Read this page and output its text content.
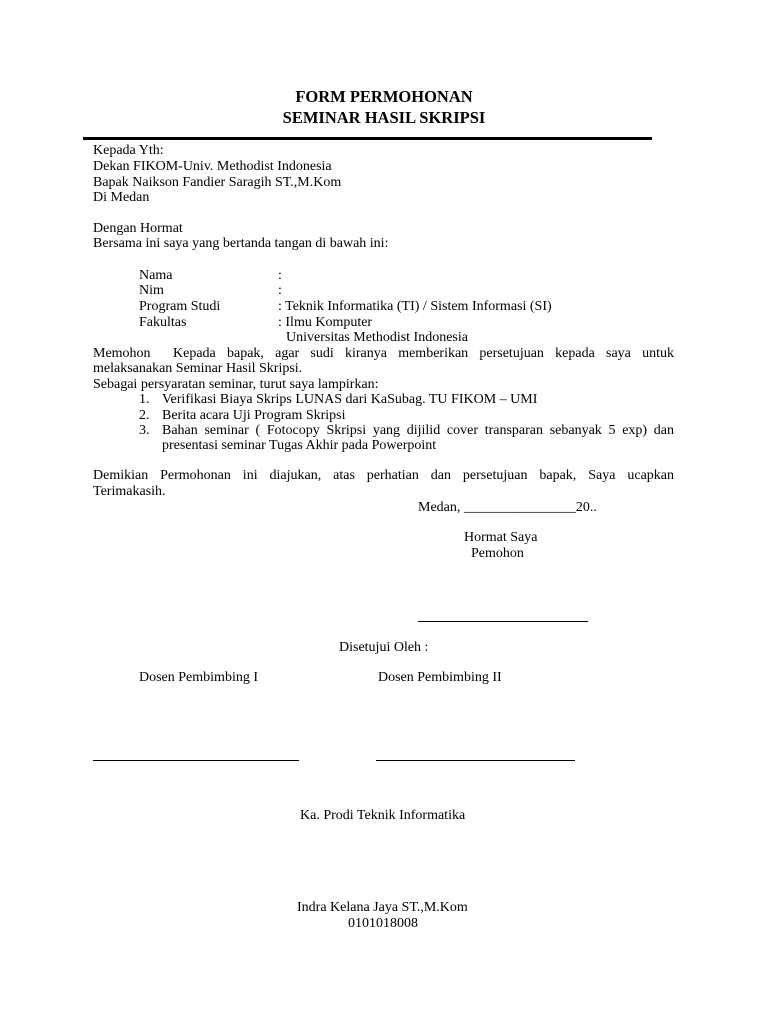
FORM PERMOHONAN
SEMINAR HASIL SKRIPSI
Kepada Yth:
Dekan FIKOM-Univ. Methodist Indonesia
Bapak Naikson Fandier Saragih ST.,M.Kom
Di Medan
Dengan Hormat
Bersama ini saya yang bertanda tangan di bawah ini:
Nama	:
Nim	:
Program Studi	: Teknik Informatika (TI) / Sistem Informasi (SI)
Fakultas	: Ilmu Komputer
Universitas Methodist Indonesia
Memohon Kepada bapak, agar sudi kiranya memberikan persetujuan kepada saya untuk
melaksanakan Seminar Hasil Skripsi.
Sebagai persyaratan seminar, turut saya lampirkan:
1. Verifikasi Biaya Skrips LUNAS dari KaSubag. TU FIKOM – UMI
2. Berita acara Uji Program Skripsi
3. Bahan seminar ( Fotocopy Skripsi yang dijilid cover transparan sebanyak 5 exp) dan
presentasi seminar Tugas Akhir pada Powerpoint
Demikian Permohonan ini diajukan, atas perhatian dan persetujuan bapak, Saya ucapkan
Terimakasih.
Medan, ________________20..
Hormat Saya
Pemohon
Disetujui Oleh :
Dosen Pembimbing I	Dosen Pembimbing II
Ka. Prodi Teknik Informatika
Indra Kelana Jaya ST.,M.Kom
0101018008
